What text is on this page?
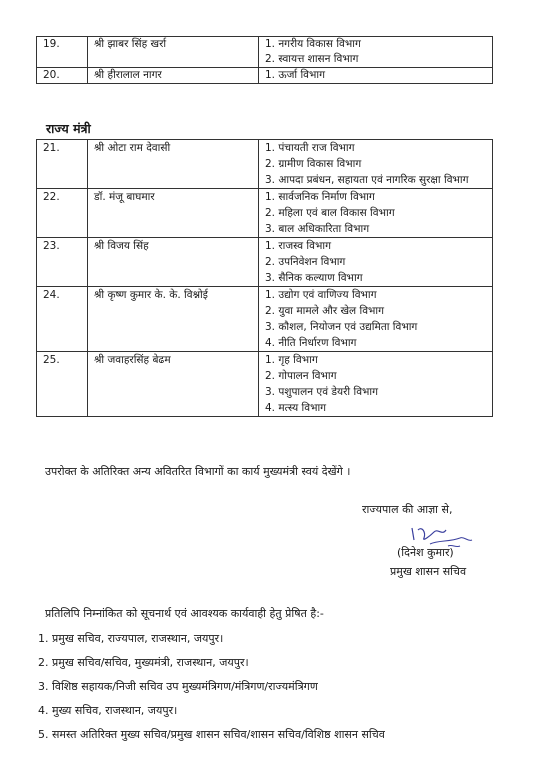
19.	श्री झाबर सिंह खर्रा	1. नगरीय विकास विभाग
2. स्वायत्त शासन विभाग

20.	श्री हीरालाल नागर	1. ऊर्जा विभाग
राज्य मंत्री
21.	श्री ओटा राम देवासी	1. पंचायती राज विभाग
2. ग्रामीण विकास विभाग
3. आपदा प्रबंधन, सहायता एवं नागरिक सुरक्षा विभाग

22.	डॉ. मंजू बाघमार	1. सार्वजनिक निर्माण विभाग
2. महिला एवं बाल विकास विभाग
3. बाल अधिकारिता विभाग

23.	श्री विजय सिंह	1. राजस्व विभाग
2. उपनिवेशन विभाग
3. सैनिक कल्याण विभाग

24.	श्री कृष्ण कुमार के. के. विश्नोई	1. उद्योग एवं वाणिज्य विभाग
2. युवा मामले और खेल विभाग
3. कौशल, नियोजन एवं उद्यमिता विभाग
4. नीति निर्धारण विभाग

25.	श्री जवाहरसिंह बेढम	1. गृह विभाग
2. गोपालन विभाग
3. पशुपालन एवं डेयरी विभाग
4. मत्स्य विभाग
उपरोक्त के अतिरिक्त अन्य अवितरित विभागों का कार्य मुख्यमंत्री स्वयं देखेंगे ।
राज्यपाल की आज्ञा से,
(दिनेश कुमार)
प्रमुख शासन सचिव
प्रतिलिपि निम्नांकित को सूचनार्थ एवं आवश्यक कार्यवाही हेतु प्रेषित है:-
1. प्रमुख सचिव, राज्यपाल, राजस्थान, जयपुर।
2. प्रमुख सचिव/सचिव, मुख्यमंत्री, राजस्थान, जयपुर।
3. विशिष्ठ सहायक/निजी सचिव उप मुख्यमंत्रिगण/मंत्रिगण/राज्यमंत्रिगण
4. मुख्य सचिव, राजस्थान, जयपुर।
5. समस्त अतिरिक्त मुख्य सचिव/प्रमुख शासन सचिव/शासन सचिव/विशिष्ठ शासन सचिव
